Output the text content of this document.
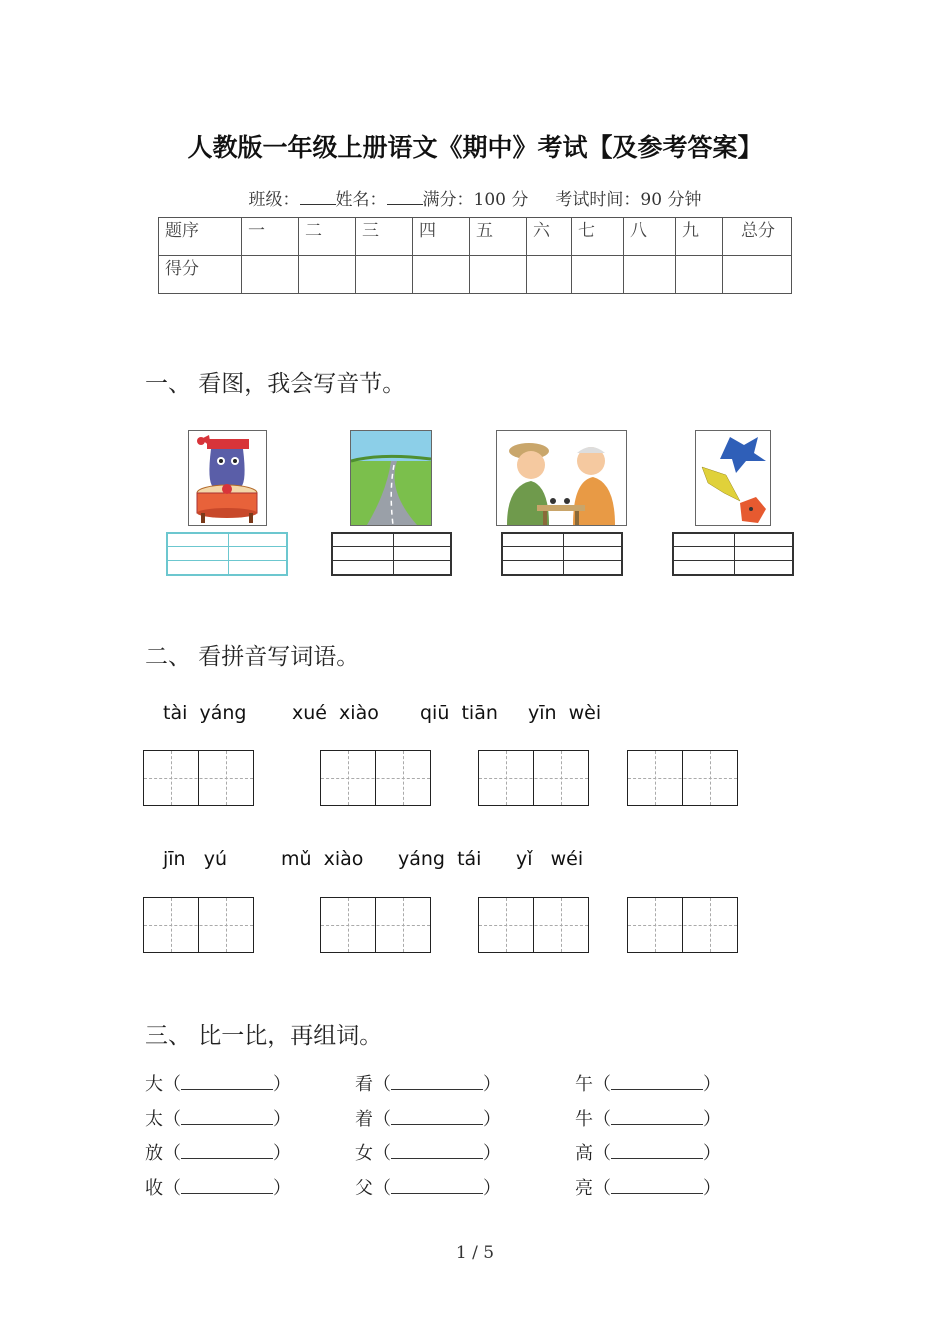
人教版一年级上册语文《期中》考试【及参考答案】
班级： 姓名： 满分：100 分 考试时间：90 分钟
题序	一	二	三	四	五	六	七	八	九	总分
得分										
一、 看图，我会写音节。
二、 看拼音写词语。
tài  yáng xué  xiào qiū  tiān yīn  wèi
jīn   yú	mǔ  xiào yáng  tái yǐ   wéi
三、 比一比，再组词。
大（	）
太（	）
放（	）
收（	）
看（	）
着（	）
女（	）
父（	）
午（	）
牛（	）
高（	）
亮（	）
1 / 5
